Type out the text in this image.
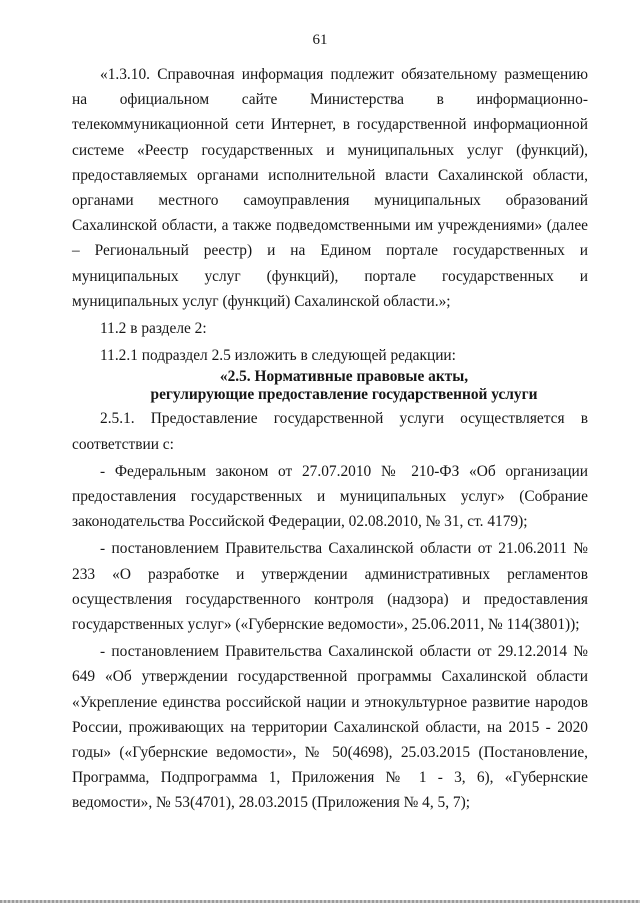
61

«1.3.10. Справочная информация подлежит обязательному размещению на официальном сайте Министерства в информационно-телекоммуникационной сети Интернет, в государственной информационной системе «Реестр государственных и муниципальных услуг (функций), предоставляемых органами исполнительной власти Сахалинской области, органами местного самоуправления муниципальных образований Сахалинской области, а также подведомственными им учреждениями» (далее – Региональный реестр) и на Едином портале государственных и муниципальных услуг (функций), портале государственных и муниципальных услуг (функций) Сахалинской области.»;

11.2 в разделе 2:

11.2.1 подраздел 2.5 изложить в следующей редакции:

«2.5. Нормативные правовые акты,
регулирующие предоставление государственной услуги

2.5.1. Предоставление государственной услуги осуществляется в соответствии с:

- Федеральным законом от 27.07.2010 № 210-ФЗ «Об организации предоставления государственных и муниципальных услуг» (Собрание законодательства Российской Федерации, 02.08.2010, № 31, ст. 4179);

- постановлением Правительства Сахалинской области от 21.06.2011 № 233 «О разработке и утверждении административных регламентов осуществления государственного контроля (надзора) и предоставления государственных услуг» («Губернские ведомости», 25.06.2011, № 114(3801));

- постановлением Правительства Сахалинской области от 29.12.2014 № 649 «Об утверждении государственной программы Сахалинской области «Укрепление единства российской нации и этнокультурное развитие народов России, проживающих на территории Сахалинской области, на 2015 - 2020 годы» («Губернские ведомости», № 50(4698), 25.03.2015 (Постановление, Программа, Подпрограмма 1, Приложения № 1 - 3, 6), «Губернские ведомости», № 53(4701), 28.03.2015 (Приложения № 4, 5, 7);
